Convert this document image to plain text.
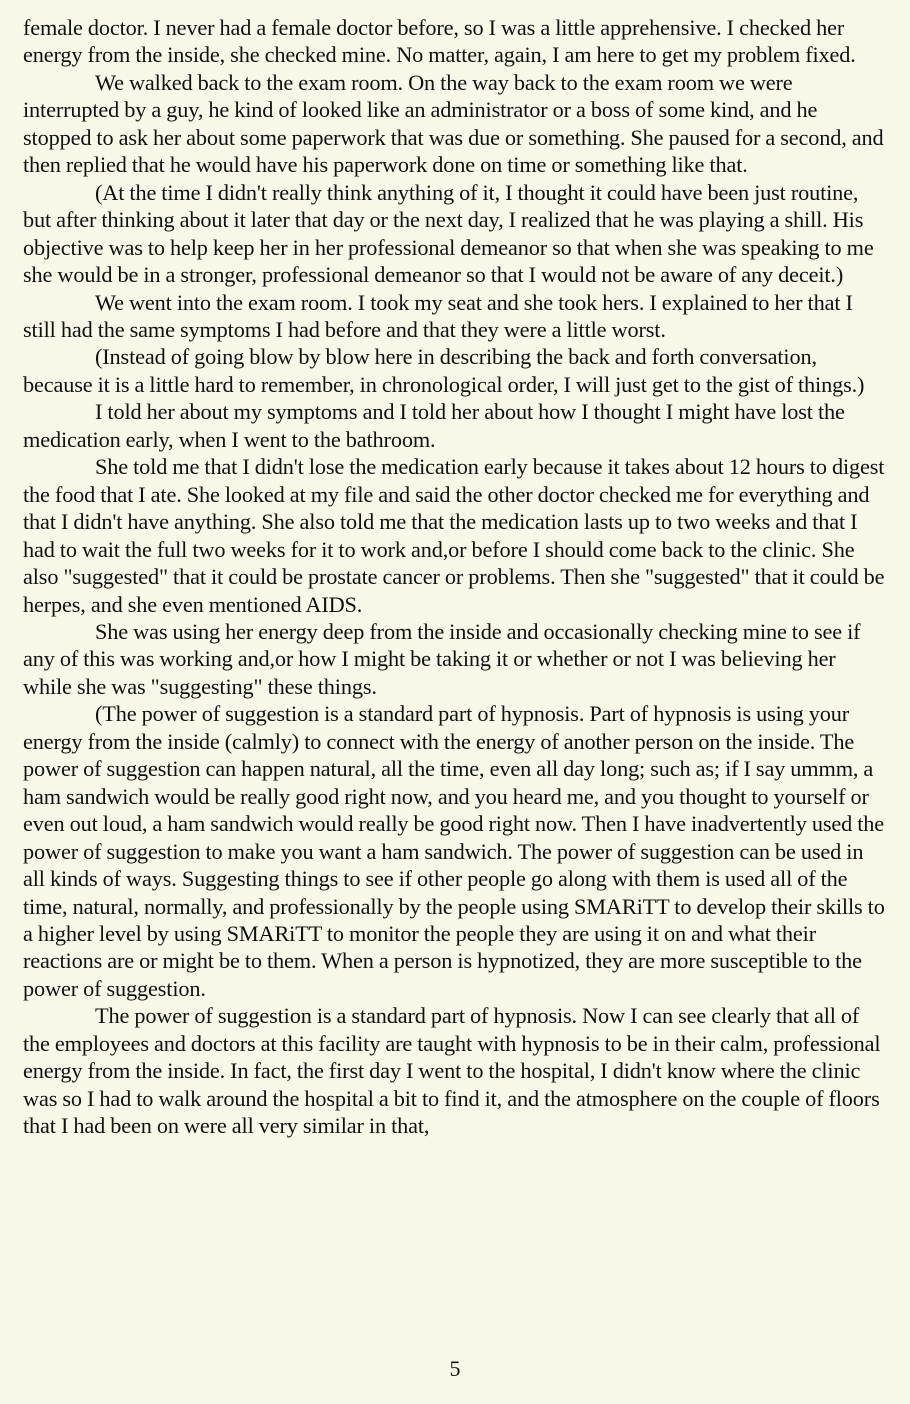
female doctor. I never had a female doctor before, so I was a little apprehensive. I checked her energy from the inside, she checked mine. No matter, again, I am here to get my problem fixed.

We walked back to the exam room. On the way back to the exam room we were interrupted by a guy, he kind of looked like an administrator or a boss of some kind, and he stopped to ask her about some paperwork that was due or something. She paused for a second, and then replied that he would have his paperwork done on time or something like that.

(At the time I didn't really think anything of it, I thought it could have been just routine, but after thinking about it later that day or the next day, I realized that he was playing a shill. His objective was to help keep her in her professional demeanor so that when she was speaking to me she would be in a stronger, professional demeanor so that I would not be aware of any deceit.)

We went into the exam room. I took my seat and she took hers. I explained to her that I still had the same symptoms I had before and that they were a little worst.

(Instead of going blow by blow here in describing the back and forth conversation, because it is a little hard to remember, in chronological order, I will just get to the gist of things.)

I told her about my symptoms and I told her about how I thought I might have lost the medication early, when I went to the bathroom.

She told me that I didn't lose the medication early because it takes about 12 hours to digest the food that I ate. She looked at my file and said the other doctor checked me for everything and that I didn't have anything. She also told me that the medication lasts up to two weeks and that I had to wait the full two weeks for it to work and,or before I should come back to the clinic. She also "suggested" that it could be prostate cancer or problems. Then she "suggested" that it could be herpes, and she even mentioned AIDS.

She was using her energy deep from the inside and occasionally checking mine to see if any of this was working and,or how I might be taking it or whether or not I was believing her while she was "suggesting" these things.

(The power of suggestion is a standard part of hypnosis. Part of hypnosis is using your energy from the inside (calmly) to connect with the energy of another person on the inside. The power of suggestion can happen natural, all the time, even all day long; such as; if I say ummm, a ham sandwich would be really good right now, and you heard me, and you thought to yourself or even out loud, a ham sandwich would really be good right now. Then I have inadvertently used the power of suggestion to make you want a ham sandwich. The power of suggestion can be used in all kinds of ways. Suggesting things to see if other people go along with them is used all of the time, natural, normally, and professionally by the people using SMARiTT to develop their skills to a higher level by using SMARiTT to monitor the people they are using it on and what their reactions are or might be to them. When a person is hypnotized, they are more susceptible to the power of suggestion.

The power of suggestion is a standard part of hypnosis. Now I can see clearly that all of the employees and doctors at this facility are taught with hypnosis to be in their calm, professional energy from the inside. In fact, the first day I went to the hospital, I didn't know where the clinic was so I had to walk around the hospital a bit to find it, and the atmosphere on the couple of floors that I had been on were all very similar in that,

5
